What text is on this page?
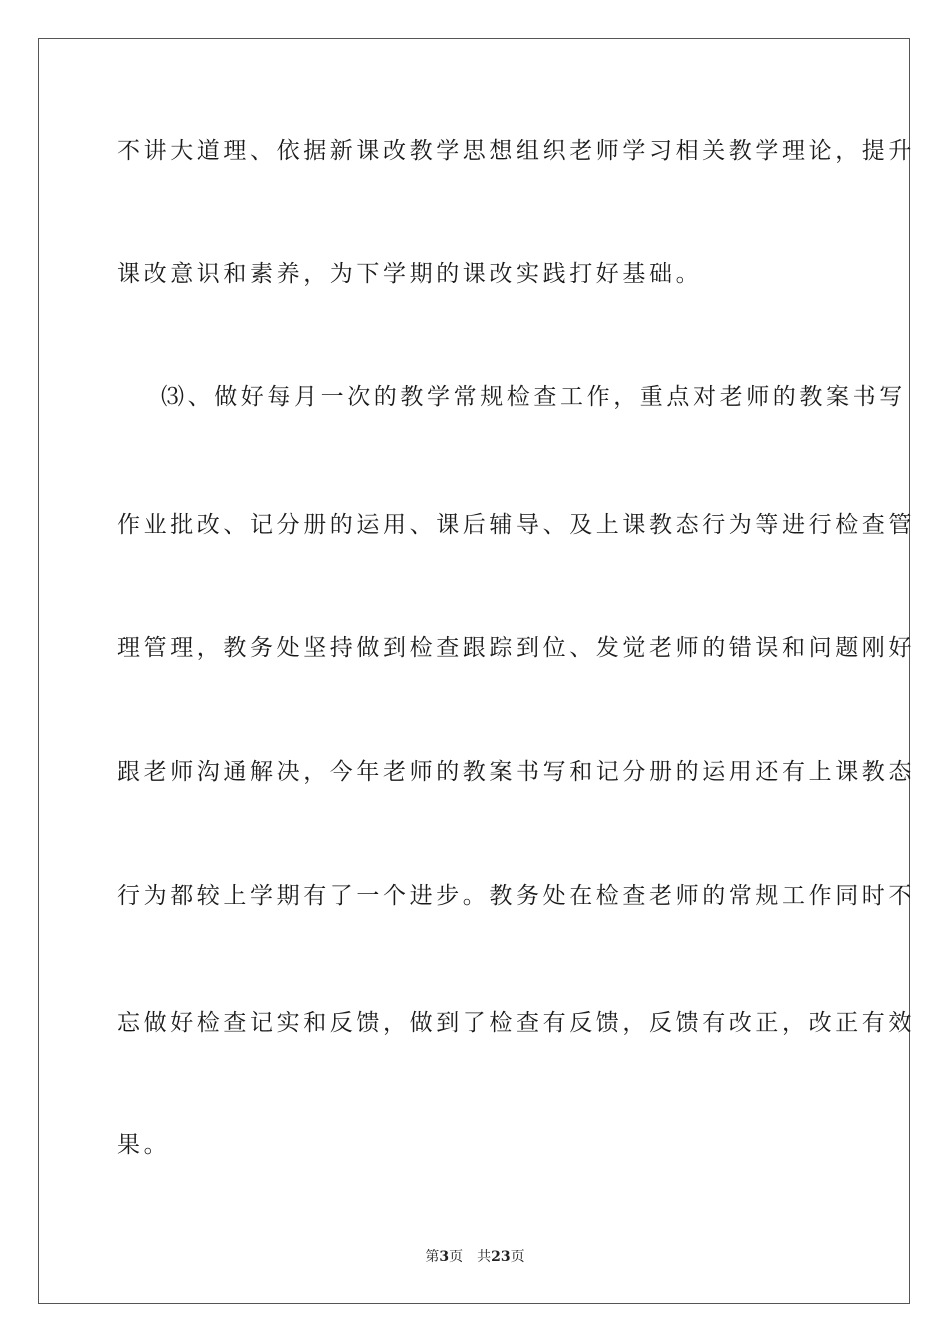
不讲大道理、依据新课改教学思想组织老师学习相关教学理论，提升
课改意识和素养，为下学期的课改实践打好基础。
⑶、做好每月一次的教学常规检查工作，重点对老师的教案书写
作业批改、记分册的运用、课后辅导、及上课教态行为等进行检查管
理管理，教务处坚持做到检查跟踪到位、发觉老师的错误和问题刚好
跟老师沟通解决，今年老师的教案书写和记分册的运用还有上课教态
行为都较上学期有了一个进步。教务处在检查老师的常规工作同时不
忘做好检查记实和反馈，做到了检查有反馈，反馈有改正，改正有效
果。
第3页 共23页
